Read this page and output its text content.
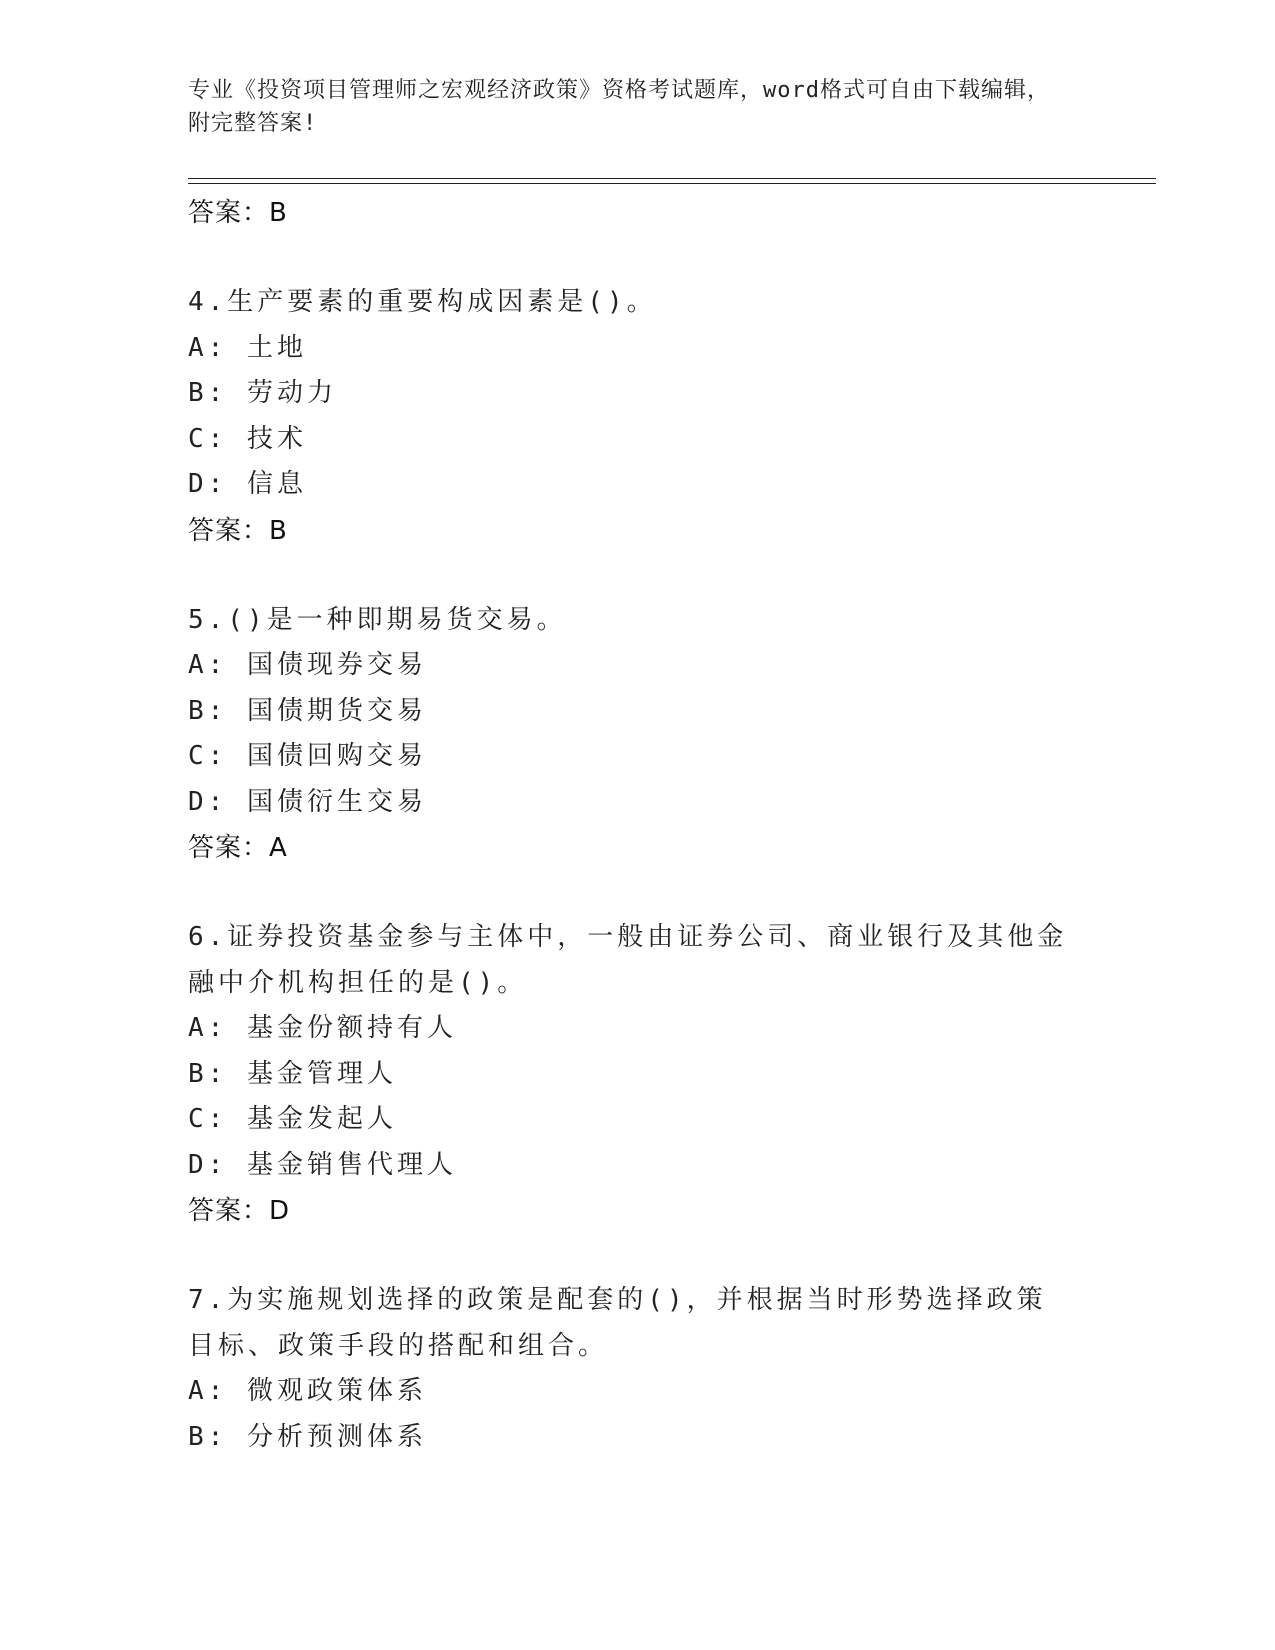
专业《投资项目管理师之宏观经济政策》资格考试题库，word格式可自由下载编辑，附完整答案!
答案：B
4.生产要素的重要构成因素是()。
A: 土地
B: 劳动力
C: 技术
D: 信息
答案：B
5.()是一种即期易货交易。
A: 国债现券交易
B: 国债期货交易
C: 国债回购交易
D: 国债衍生交易
答案：A
6.证券投资基金参与主体中，一般由证券公司、商业银行及其他金融中介机构担任的是()。
A: 基金份额持有人
B: 基金管理人
C: 基金发起人
D: 基金销售代理人
答案：D
7.为实施规划选择的政策是配套的()，并根据当时形势选择政策目标、政策手段的搭配和组合。
A: 微观政策体系
B: 分析预测体系
